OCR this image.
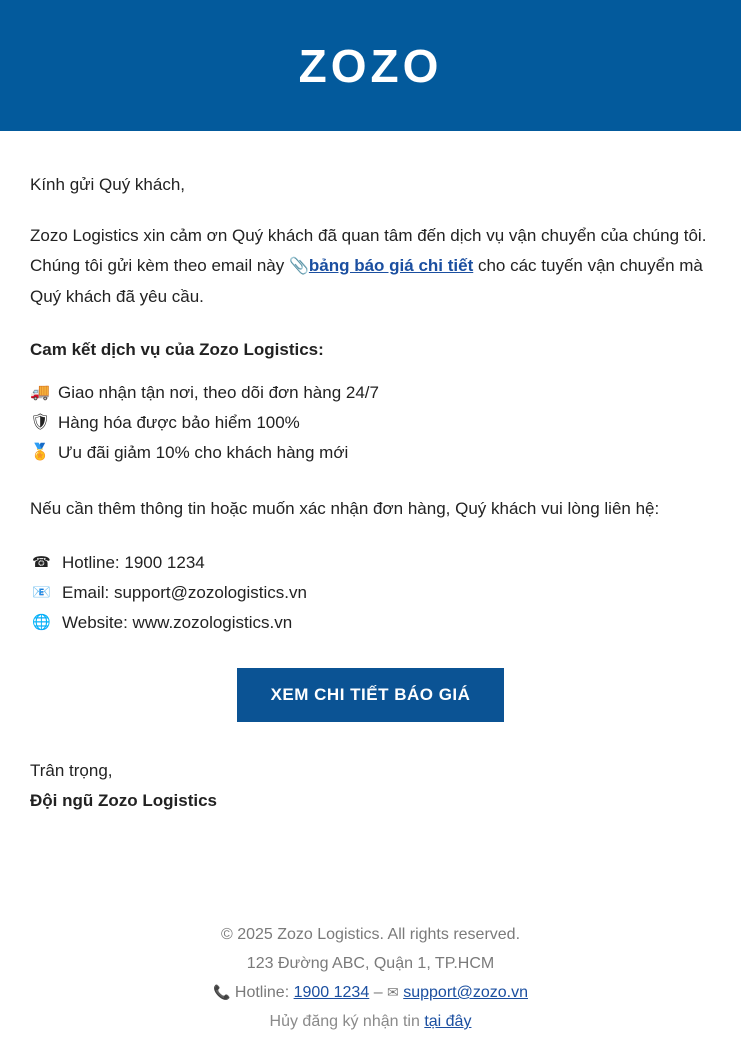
ZOZO

Kính gửi Quý khách,

Zozo Logistics xin cảm ơn Quý khách đã quan tâm đến dịch vụ vận chuyển của chúng tôi. Chúng tôi gửi kèm theo email này 📎bảng báo giá chi tiết cho các tuyến vận chuyển mà Quý khách đã yêu cầu.

Cam kết dịch vụ của Zozo Logistics:

🚚 Giao nhận tận nơi, theo dõi đơn hàng 24/7
🛡 Hàng hóa được bảo hiểm 100%
🏅 Ưu đãi giảm 10% cho khách hàng mới

Nếu cần thêm thông tin hoặc muốn xác nhận đơn hàng, Quý khách vui lòng liên hệ:

☎ Hotline: 1900 1234
📧 Email: support@zozologistics.vn
🌐 Website: www.zozologistics.vn
XEM CHI TIẾT BÁO GIÁ

Trân trọng,
Đội ngũ Zozo Logistics

© 2025 Zozo Logistics. All rights reserved.
123 Đường ABC, Quận 1, TP.HCM
📞 Hotline: 1900 1234 – ✉ support@zozo.vn
Hủy đăng ký nhận tin tại đây
